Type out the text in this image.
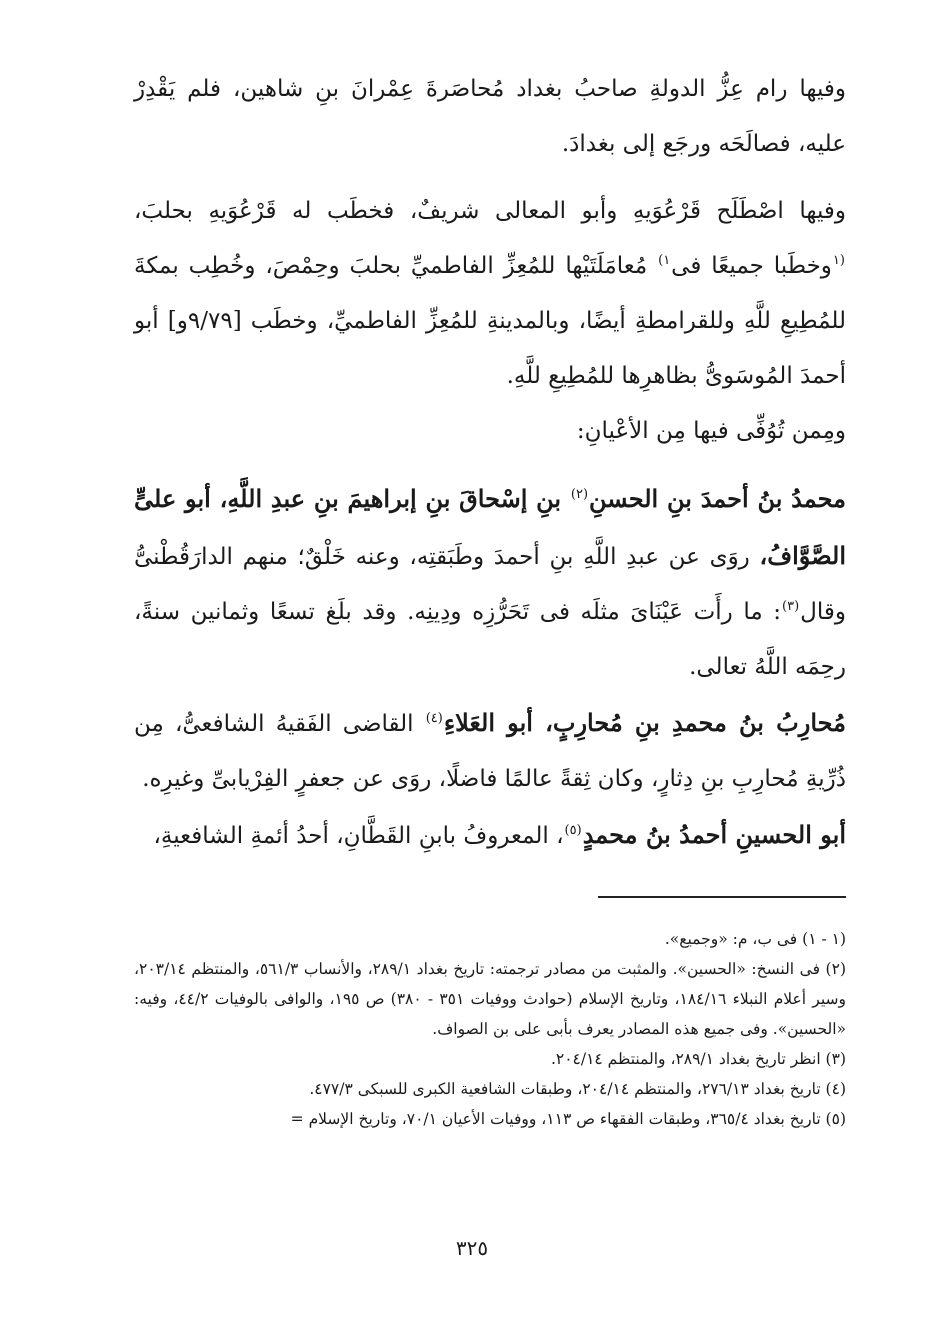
وفيها رام عِزُّ الدولةِ صاحبُ بغداد مُحاصَرةَ عِمْرانَ بنِ شاهين، فلم يَقْدِرْ عليه، فصالَحَه ورجَع إلى بغدادَ.

وفيها اصْطَلَح قَرْعُوَيهِ وأبو المعالى شريفٌ، فخطَب له قَرْعُوَيهِ بحلبَ، $^{(١}$وخطَبا جميعًا فى$^{١)}$ مُعامَلَتَيْها للمُعِزِّ الفاطميِّ بحلبَ وحِمْصَ، وخُطِب بمكةَ للمُطِيعِ للَّهِ وللقرامطةِ أيضًا، وبالمدينةِ للمُعِزِّ الفاطميِّ، وخطَب [٩/٧٩و] أبو أحمدَ المُوسَوىُّ بظاهرِها للمُطِيعِ للَّهِ.

ومِمن تُوُفِّى فيها مِن الأعْيانِ:

محمدُ بنُ أحمدَ بنِ الحسنِ$^{(٢)}$ بنِ إسْحاقَ بنِ إبراهيمَ بنِ عبدِ اللَّهِ، أبو علىٍّ الصَّوَّافُ، روَى عن عبدِ اللَّهِ بنِ أحمدَ وطَبَقتِه، وعنه خَلْقٌ؛ منهم الدارَقُطْنىُّ وقال$^{(٣)}$: ما رأَت عَيْنَاىَ مثلَه فى تَحَرُّزِه ودِينِه. وقد بلَغ تسعًا وثمانين سنةً، رحِمَه اللَّهُ تعالى.

مُحارِبُ بنُ محمدِ بنِ مُحارِبٍ، أبو العَلاءِ$^{(٤)}$ القاضى الفَقيهُ الشافعىُّ، مِن ذُرِّيةِ مُحارِبِ بنِ دِثارٍ، وكان ثِقةً عالمًا فاضلًا، روَى عن جعفرٍ الفِرْيابىِّ وغيرِه.

أبو الحسينِ أحمدُ بنُ محمدٍ$^{(٥)}$، المعروفُ بابنِ القَطَّانِ، أحدُ أئمةِ الشافعيةِ،

(١ - ١) فى ب، م: «وجميع».

(٢) فى النسخ: «الحسين». والمثبت من مصادر ترجمته: تاريخ بغداد ٢٨٩/١، والأنساب ٥٦١/٣، والمنتظم ٢٠٣/١٤، وسير أعلام النبلاء ١٨٤/١٦، وتاريخ الإسلام (حوادث ووفيات ٣٥١ - ٣٨٠) ص ١٩٥، والوافى بالوفيات ٤٤/٢، وفيه: «الحسين». وفى جميع هذه المصادر يعرف بأبى على بن الصواف.

(٣) انظر تاريخ بغداد ٢٨٩/١، والمنتظم ٢٠٤/١٤.

(٤) تاريخ بغداد ٢٧٦/١٣، والمنتظم ٢٠٤/١٤، وطبقات الشافعية الكبرى للسبكى ٤٧٧/٣.

(٥) تاريخ بغداد ٣٦٥/٤، وطبقات الفقهاء ص ١١٣، ووفيات الأعيان ٧٠/١، وتاريخ الإسلام =

٣٢٥
